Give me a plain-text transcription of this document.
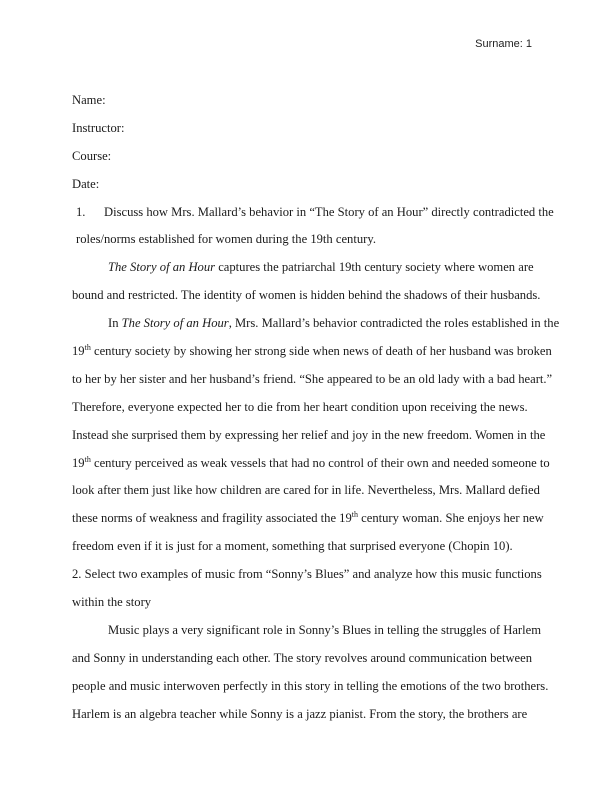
Surname: 1
Name:
Instructor:
Course:
Date:
1. Discuss how Mrs. Mallard’s behavior in “The Story of an Hour” directly contradicted the
roles/norms established for women during the 19th century.
The Story of an Hour captures the patriarchal 19th century society where women are
bound and restricted. The identity of women is hidden behind the shadows of their husbands.
In The Story of an Hour, Mrs. Mallard’s behavior contradicted the roles established in the
19th century society by showing her strong side when news of death of her husband was broken
to her by her sister and her husband’s friend. “She appeared to be an old lady with a bad heart.”
Therefore, everyone expected her to die from her heart condition upon receiving the news.
Instead she surprised them by expressing her relief and joy in the new freedom. Women in the
19th century perceived as weak vessels that had no control of their own and needed someone to
look after them just like how children are cared for in life. Nevertheless, Mrs. Mallard defied
these norms of weakness and fragility associated the 19th century woman. She enjoys her new
freedom even if it is just for a moment, something that surprised everyone (Chopin 10).
2. Select two examples of music from “Sonny’s Blues” and analyze how this music functions
within the story
Music plays a very significant role in Sonny’s Blues in telling the struggles of Harlem
and Sonny in understanding each other. The story revolves around communication between
people and music interwoven perfectly in this story in telling the emotions of the two brothers.
Harlem is an algebra teacher while Sonny is a jazz pianist. From the story, the brothers are
